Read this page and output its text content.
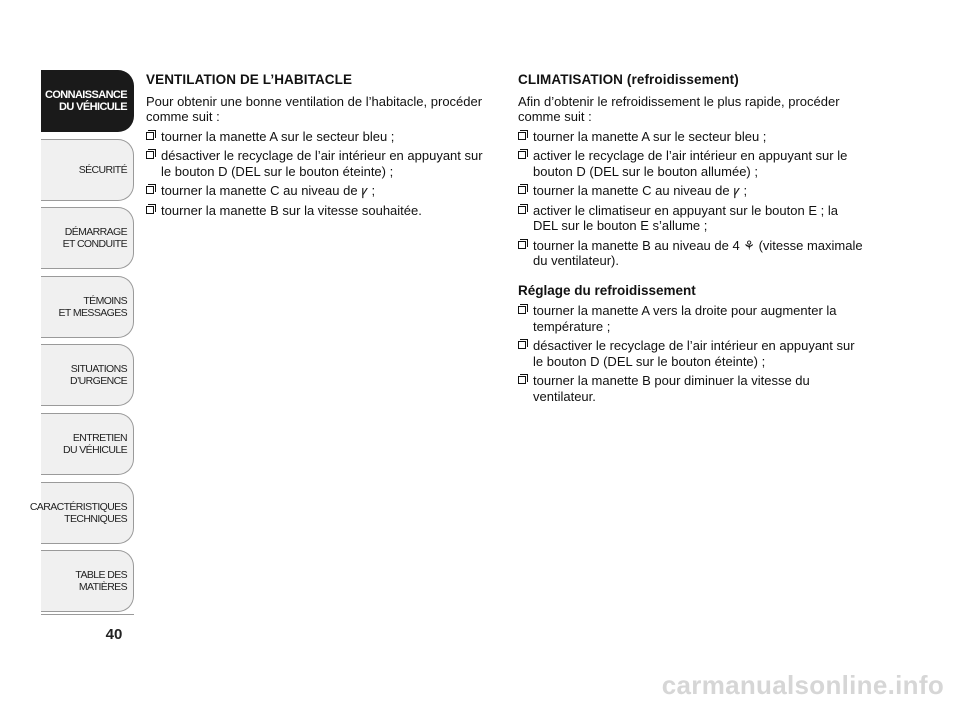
CONNAISSANCE
DU VÉHICULE
SÉCURITÉ
DÉMARRAGE
ET CONDUITE
TÉMOINS
ET MESSAGES
SITUATIONS
D’URGENCE
ENTRETIEN
DU VÉHICULE
CARACTÉRISTIQUES
TECHNIQUES
TABLE DES
MATIÈRES
40
VENTILATION DE L’HABITACLE
Pour obtenir une bonne ventilation de l’habitacle, procéder comme suit :
tourner la manette A sur le secteur bleu ;
désactiver le recyclage de l’air intérieur en appuyant sur le bouton D (DEL sur le bouton éteinte) ;
tourner la manette C au niveau de ꝩ ;
tourner la manette B sur la vitesse souhaitée.
CLIMATISATION (refroidissement)
Afin d’obtenir le refroidissement le plus rapide, procéder comme suit :
tourner la manette A sur le secteur bleu ;
activer le recyclage de l’air intérieur en appuyant sur le bouton D (DEL sur le bouton allumée) ;
tourner la manette C au niveau de ꝩ ;
activer le climatiseur en appuyant sur le bouton E ; la DEL sur le bouton E s’allume ;
tourner la manette B au niveau de 4 ⚘ (vitesse maximale du ventilateur).
Réglage du refroidissement
tourner la manette A vers la droite pour augmenter la température ;
désactiver le recyclage de l’air intérieur en appuyant sur le bouton D (DEL sur le bouton éteinte) ;
tourner la manette B pour diminuer la vitesse du ventilateur.
carmanualsonline.info
